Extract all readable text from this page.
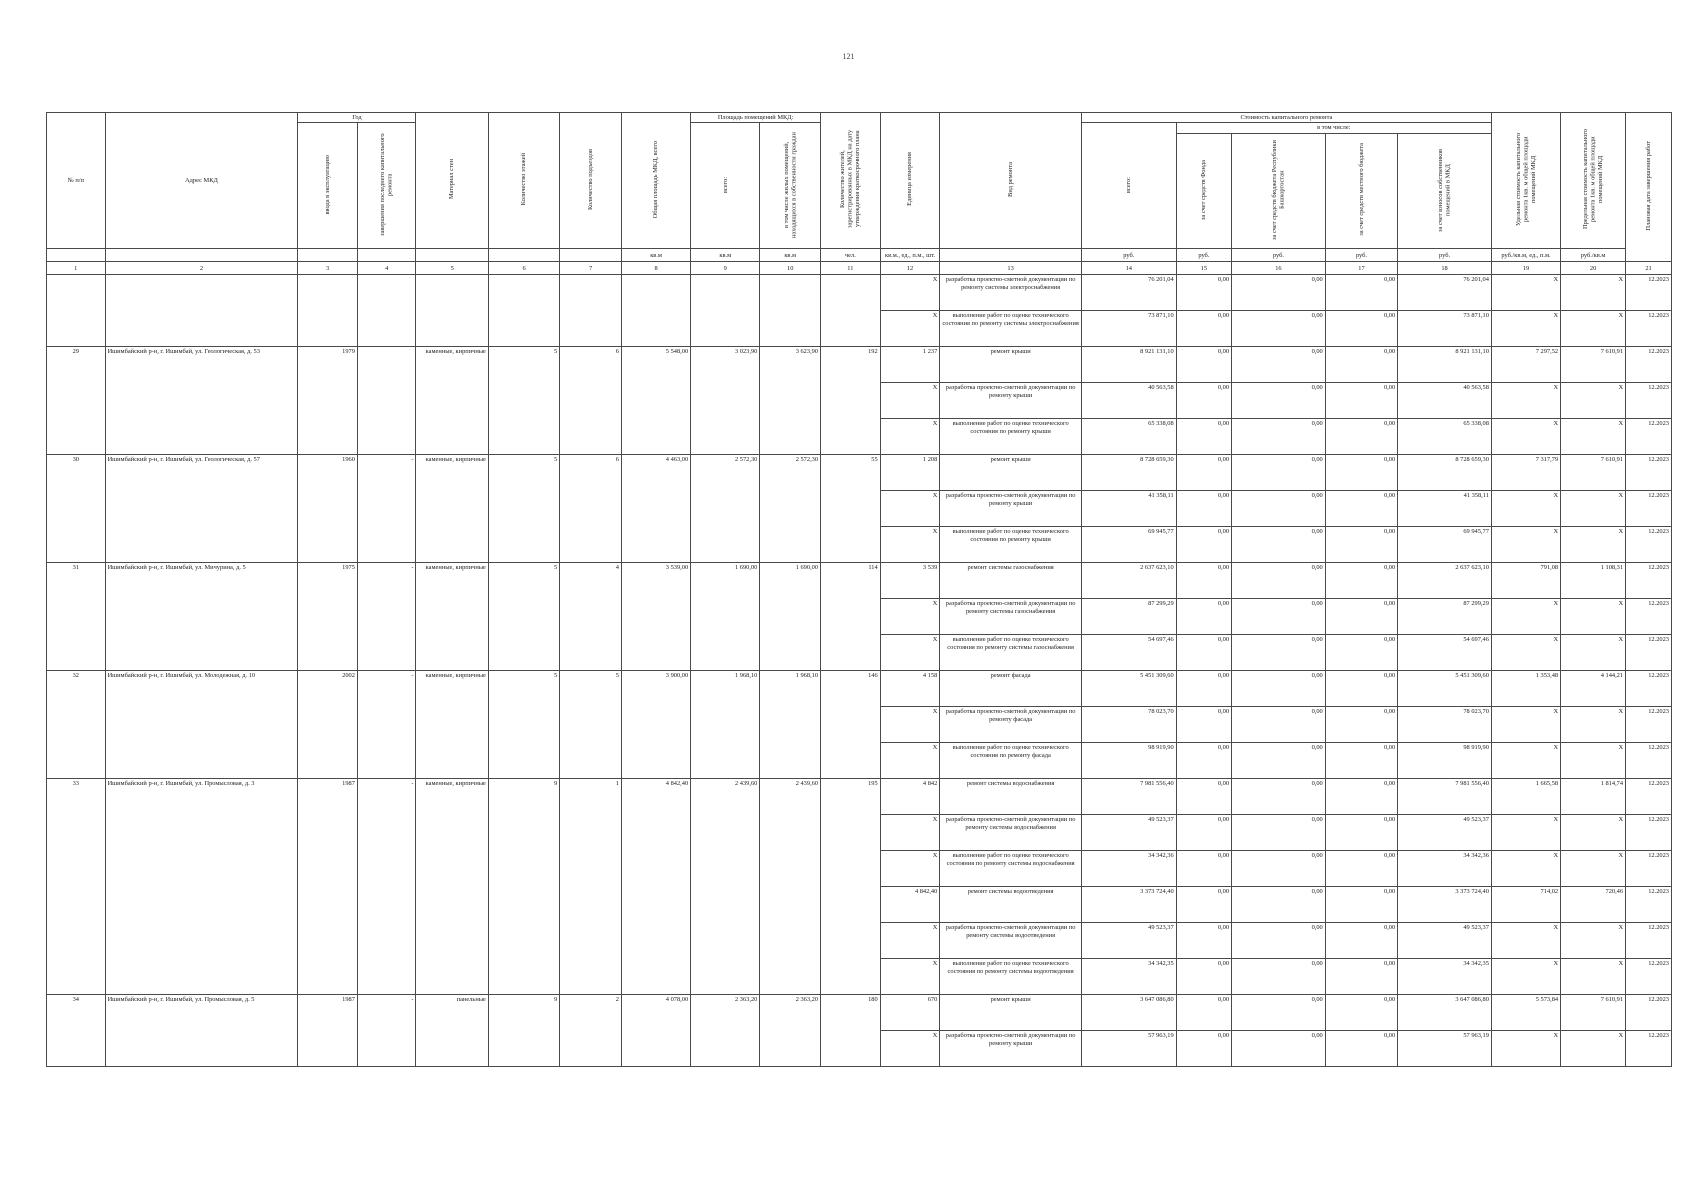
121
№ п/п	Адрес МКД	Год		Материал стен	Количество этажей	Количество подъездов	Общая площадь МКД, всего	Площадь помещений МКД:		Количество жителей, зарегистрированных в МКД на дату утверждения краткосрочного плана	Единица измерения	Вид ремонта	Стоимость капитального ремонта					Удельная стоимость капитального ремонта 1кв. м общей площади помещений МКД	Предельная стоимость капитального ремонта 1кв. м общей площади помещений МКД	Плановая дата завершения работ
		ввода в эксплуатацию	завершения последнего капитального ремонта					всего:	в том числе жилых помещений, находящихся в собственности граждан				всего:	в том числе:						
														за счет средств Фонда	за счет средств бюджета Республики Башкортостан	за счет средств местного бюджета	за счет взносов собственников помещений в МКД			
							кв.м	кв.м	кв.м	чел.	кв.м., ед., п.м., шт.		руб.	руб.	руб.	руб.	руб.	руб./кв.м, ед., п.м.	руб./кв.м	
1	2	3	4	5	6	7	8	9	10	11	12	13	14	15	16	17	18	19	20	21
											X	разработка проектно-сметной документации по ремонту системы электроснабжения	76 201,04	0,00	0,00	0,00	76 201,04	X	X	12.2023
											X	выполнение работ по оценке технического состояния по ремонту системы электроснабжения	73 871,10	0,00	0,00	0,00	73 871,10	X	X	12.2023
29	Ишимбайский р-н, г. Ишимбай, ул. Геологическая, д. 53	1979		каменные, кирпичные	5	6	5 548,00	3 023,90	3 623,90	192	1 237	ремонт крыши	8 921 131,10	0,00	0,00	0,00	8 921 131,10	7 297,52	7 610,91	12.2023
											X	разработка проектно-сметной документации по ремонту крыши	40 563,58	0,00	0,00	0,00	40 563,58	X	X	12.2023
											X	выполнение работ по оценке технического состояния по ремонту крыши	65 338,08	0,00	0,00	0,00	65 338,08	X	X	12.2023
30	Ишимбайский р-н, г. Ишимбай, ул. Геологическая, д. 57	1960	-	каменные, кирпичные	5	6	4 463,00	2 572,30	2 572,30	55	1 208	ремонт крыши	8 728 659,30	0,00	0,00	0,00	8 728 659,30	7 317,79	7 610,91	12.2023
											X	разработка проектно-сметной документации по ремонту крыши	41 358,11	0,00	0,00	0,00	41 358,11	X	X	12.2023
											X	выполнение работ по оценке технического состояния по ремонту крыши	69 945,77	0,00	0,00	0,00	69 945,77	X	X	12.2023
31	Ишимбайский р-н, г. Ишимбай, ул. Мичурина, д. 5	1975	-	каменные, кирпичные	5	4	3 539,00	1 690,00	1 690,00	114	3 539	ремонт системы газоснабжения	2 637 623,10	0,00	0,00	0,00	2 637 623,10	791,08	1 108,31	12.2023
											X	разработка проектно-сметной документации по ремонту системы газоснабжения	87 299,29	0,00	0,00	0,00	87 299,29	X	X	12.2023
											X	выполнение работ по оценке технического состояния по ремонту системы газоснабжения	54 697,46	0,00	0,00	0,00	54 697,46	X	X	12.2023
32	Ишимбайский р-н, г. Ишимбай, ул. Молодежная, д. 10	2002	-	каменные, кирпичные	5	5	3 900,00	1 968,10	1 968,10	146	4 158	ремонт фасада	5 451 309,60	0,00	0,00	0,00	5 451 309,60	1 353,48	4 144,21	12.2023
											X	разработка проектно-сметной документации по ремонту фасада	78 023,70	0,00	0,00	0,00	78 023,70	X	X	12.2023
											X	выполнение работ по оценке технического состояния по ремонту фасада	98 919,90	0,00	0,00	0,00	98 919,90	X	X	12.2023
33	Ишимбайский р-н, г. Ишимбай, ул. Промысловая, д. 3	1987	-	каменные, кирпичные	9	1	4 842,40	2 439,60	2 439,60	195	4 842	ремонт системы водоснабжения	7 981 556,40	0,00	0,00	0,00	7 981 556,40	1 665,58	1 814,74	12.2023
											X	разработка проектно-сметной документации по ремонту системы водоснабжения	49 523,37	0,00	0,00	0,00	49 523,37	X	X	12.2023
											X	выполнение работ по оценке технического состояния по ремонту системы водоснабжения	34 342,36	0,00	0,00	0,00	34 342,36	X	X	12.2023
											4 842,40	ремонт системы водоотведения	3 373 724,40	0,00	0,00	0,00	3 373 724,40	714,02	720,46	12.2023
											X	разработка проектно-сметной документации по ремонту системы водоотведения	49 523,37	0,00	0,00	0,00	49 523,37	X	X	12.2023
											X	выполнение работ по оценке технического состояния по ремонту системы водоотведения	34 342,35	0,00	0,00	0,00	34 342,35	X	X	12.2023
34	Ишимбайский р-н, г. Ишимбай, ул. Промысловая, д. 5	1987	-	панельные	9	2	4 078,00	2 363,20	2 363,20	180	670	ремонт крыши	3 647 086,80	0,00	0,00	0,00	3 647 086,80	5 573,84	7 610,91	12.2023
											X	разработка проектно-сметной документации по ремонту крыши	57 963,19	0,00	0,00	0,00	57 963,19	X	X	12.2023
